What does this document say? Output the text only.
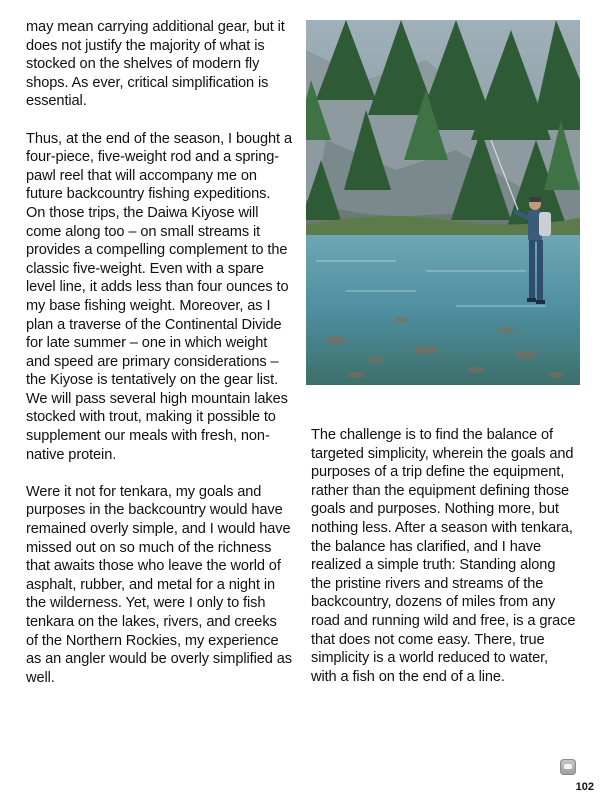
may mean carrying additional gear, but it does not justify the majority of what is stocked on the shelves of modern fly shops. As ever, critical simplification is essential.

Thus, at the end of the season, I bought a four-piece, five-weight rod and a spring-pawl reel that will accompany me on future backcountry fishing expeditions. On those trips, the Daiwa Kiyose will come along too – on small streams it provides a compelling complement to the classic five-weight. Even with a spare level line, it adds less than four ounces to my base fishing weight. Moreover, as I plan a traverse of the Continental Divide for late summer – one in which weight and speed are primary considerations – the Kiyose is tentatively on the gear list. We will pass several high mountain lakes stocked with trout, making it possible to supplement our meals with fresh, non-native protein.

Were it not for tenkara, my goals and purposes in the backcountry would have remained overly simple, and I would have missed out on so much of the richness that awaits those who leave the world of asphalt, rubber, and metal for a night in the wilderness. Yet, were I only to fish tenkara on the lakes, rivers, and creeks of the Northern Rockies, my experience as an angler would be overly simplified as well.

The challenge is to find the balance of targeted simplicity, wherein the goals and purposes of a trip define the equipment, rather than the equipment defining those goals and purposes. Nothing more, but nothing less. After a season with tenkara, the balance has clarified, and I have realized a simple truth: Standing along the pristine rivers and streams of the backcountry, dozens of miles from any road and running wild and free, is a grace that does not come easy. There, true simplicity is a world reduced to water, with a fish on the end of a line.

102
